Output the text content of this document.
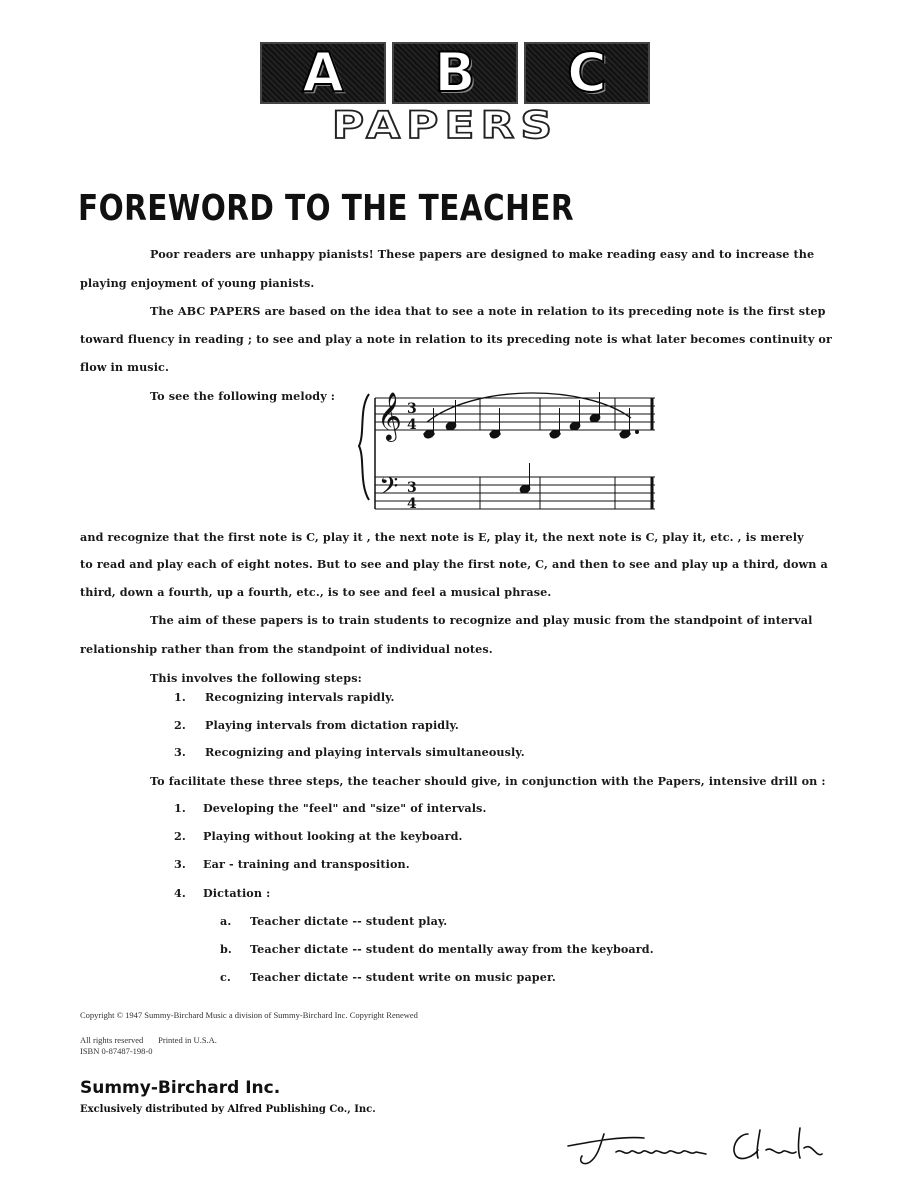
A B C
PAPERS
FOREWORD TO THE TEACHER
Poor readers are unhappy pianists! These papers are designed to make reading easy and to increase the
playing enjoyment of young pianists.
The ABC PAPERS are based on the idea that to see a note in relation to its preceding note is the first step
toward fluency in reading ; to see and play a note in relation to its preceding note is what later becomes continuity or
flow in music.
To see the following melody : 𝄞
𝄢
3
4
3
4
and recognize that the first note is C, play it , the next note is E, play it, the next note is C, play it, etc. , is merely
to read and play each of eight notes. But to see and play the first note, C, and then to see and play up a third, down a
third, down a fourth, up a fourth, etc., is to see and feel a musical phrase.
The aim of these papers is to train students to recognize and play music from the standpoint of interval
relationship rather than from the standpoint of individual notes.
This involves the following steps:
1. Recognizing intervals rapidly.
2. Playing intervals from dictation rapidly.
3. Recognizing and playing intervals simultaneously.
To facilitate these three steps, the teacher should give, in conjunction with the Papers, intensive drill on :
1. Developing the "feel" and "size" of intervals.
2. Playing without looking at the keyboard.
3. Ear - training and transposition.
4. Dictation :
a. Teacher dictate -- student play.
b. Teacher dictate -- student do mentally away from the keyboard.
c. Teacher dictate -- student write on music paper.
Copyright © 1947 Summy-Birchard Music a division of Summy-Birchard Inc. Copyright Renewed
All rights reserved       Printed in U.S.A.
ISBN 0-87487-198-0
Summy-Birchard Inc.
Exclusively distributed by Alfred Publishing Co., Inc.
